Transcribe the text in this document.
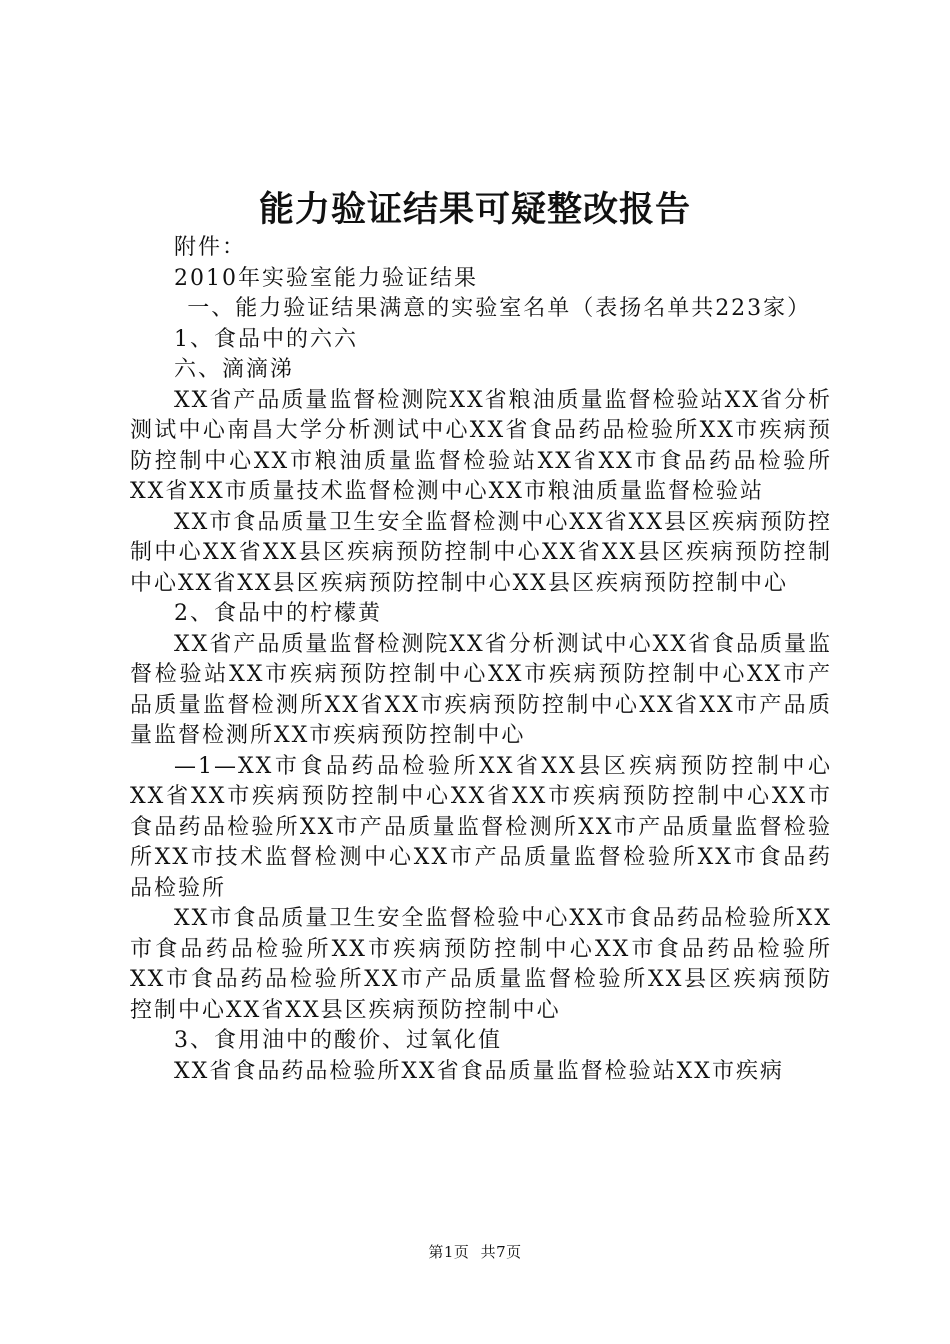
能力验证结果可疑整改报告

附件：

2010年实验室能力验证结果

一、能力验证结果满意的实验室名单（表扬名单共223家）

1、食品中的六六

六、滴滴涕

XX省产品质量监督检测院XX省粮油质量监督检验站XX省分析测试中心南昌大学分析测试中心XX省食品药品检验所XX市疾病预防控制中心XX市粮油质量监督检验站XX省XX市食品药品检验所XX省XX市质量技术监督检测中心XX市粮油质量监督检验站

XX市食品质量卫生安全监督检测中心XX省XX县区疾病预防控制中心XX省XX县区疾病预防控制中心XX省XX县区疾病预防控制中心XX省XX县区疾病预防控制中心XX县区疾病预防控制中心

2、食品中的柠檬黄

XX省产品质量监督检测院XX省分析测试中心XX省食品质量监督检验站XX市疾病预防控制中心XX市疾病预防控制中心XX市产品质量监督检测所XX省XX市疾病预防控制中心XX省XX市产品质量监督检测所XX市疾病预防控制中心

—1—XX市食品药品检验所XX省XX县区疾病预防控制中心XX省XX市疾病预防控制中心XX省XX市疾病预防控制中心XX市食品药品检验所XX市产品质量监督检测所XX市产品质量监督检验所XX市技术监督检测中心XX市产品质量监督检验所XX市食品药品检验所

XX市食品质量卫生安全监督检验中心XX市食品药品检验所XX市食品药品检验所XX市疾病预防控制中心XX市食品药品检验所XX市食品药品检验所XX市产品质量监督检验所XX县区疾病预防控制中心XX省XX县区疾病预防控制中心

3、食用油中的酸价、过氧化值

XX省食品药品检验所XX省食品质量监督检验站XX市疾病

第1页 共7页
